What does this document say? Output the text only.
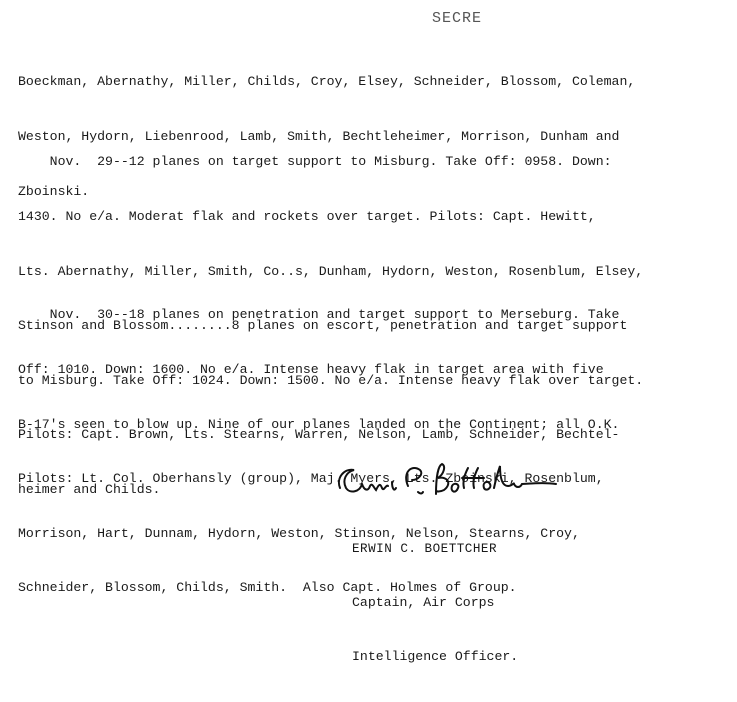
SECRE

Boeckman, Abernathy, Miller, Childs, Croy, Elsey, Schneider, Blossom, Coleman,

Weston, Hydorn, Liebenrood, Lamb, Smith, Bechtleheimer, Morrison, Dunham and

Zboinski.

Nov.  29--12 planes on target support to Misburg. Take Off: 0958. Down:

1430. No e/a. Moderat flak and rockets over target. Pilots: Capt. Hewitt,

Lts. Abernathy, Miller, Smith, Co..s, Dunham, Hydorn, Weston, Rosenblum, Elsey,

Stinson and Blossom........8 planes on escort, penetration and target support

to Misburg. Take Off: 1024. Down: 1500. No e/a. Intense heavy flak over target.

Pilots: Capt. Brown, Lts. Stearns, Warren, Nelson, Lamb, Schneider, Bechtel-

heimer and Childs.

Nov.  30--18 planes on penetration and target support to Merseburg. Take

Off: 1010. Down: 1600. No e/a. Intense heavy flak in target area with five

B-17's seen to blow up. Nine of our planes landed on the Continent; all O.K.

Pilots: Lt. Col. Oberhansly (group), Maj. Myers, Lts. Zboinski, Rosenblum,

Morrison, Hart, Dunnam, Hydorn, Weston, Stinson, Nelson, Stearns, Croy,

Schneider, Blossom, Childs, Smith.  Also Capt. Holmes of Group.

ERWIN C. BOETTCHER

Captain, Air Corps

Intelligence Officer.
